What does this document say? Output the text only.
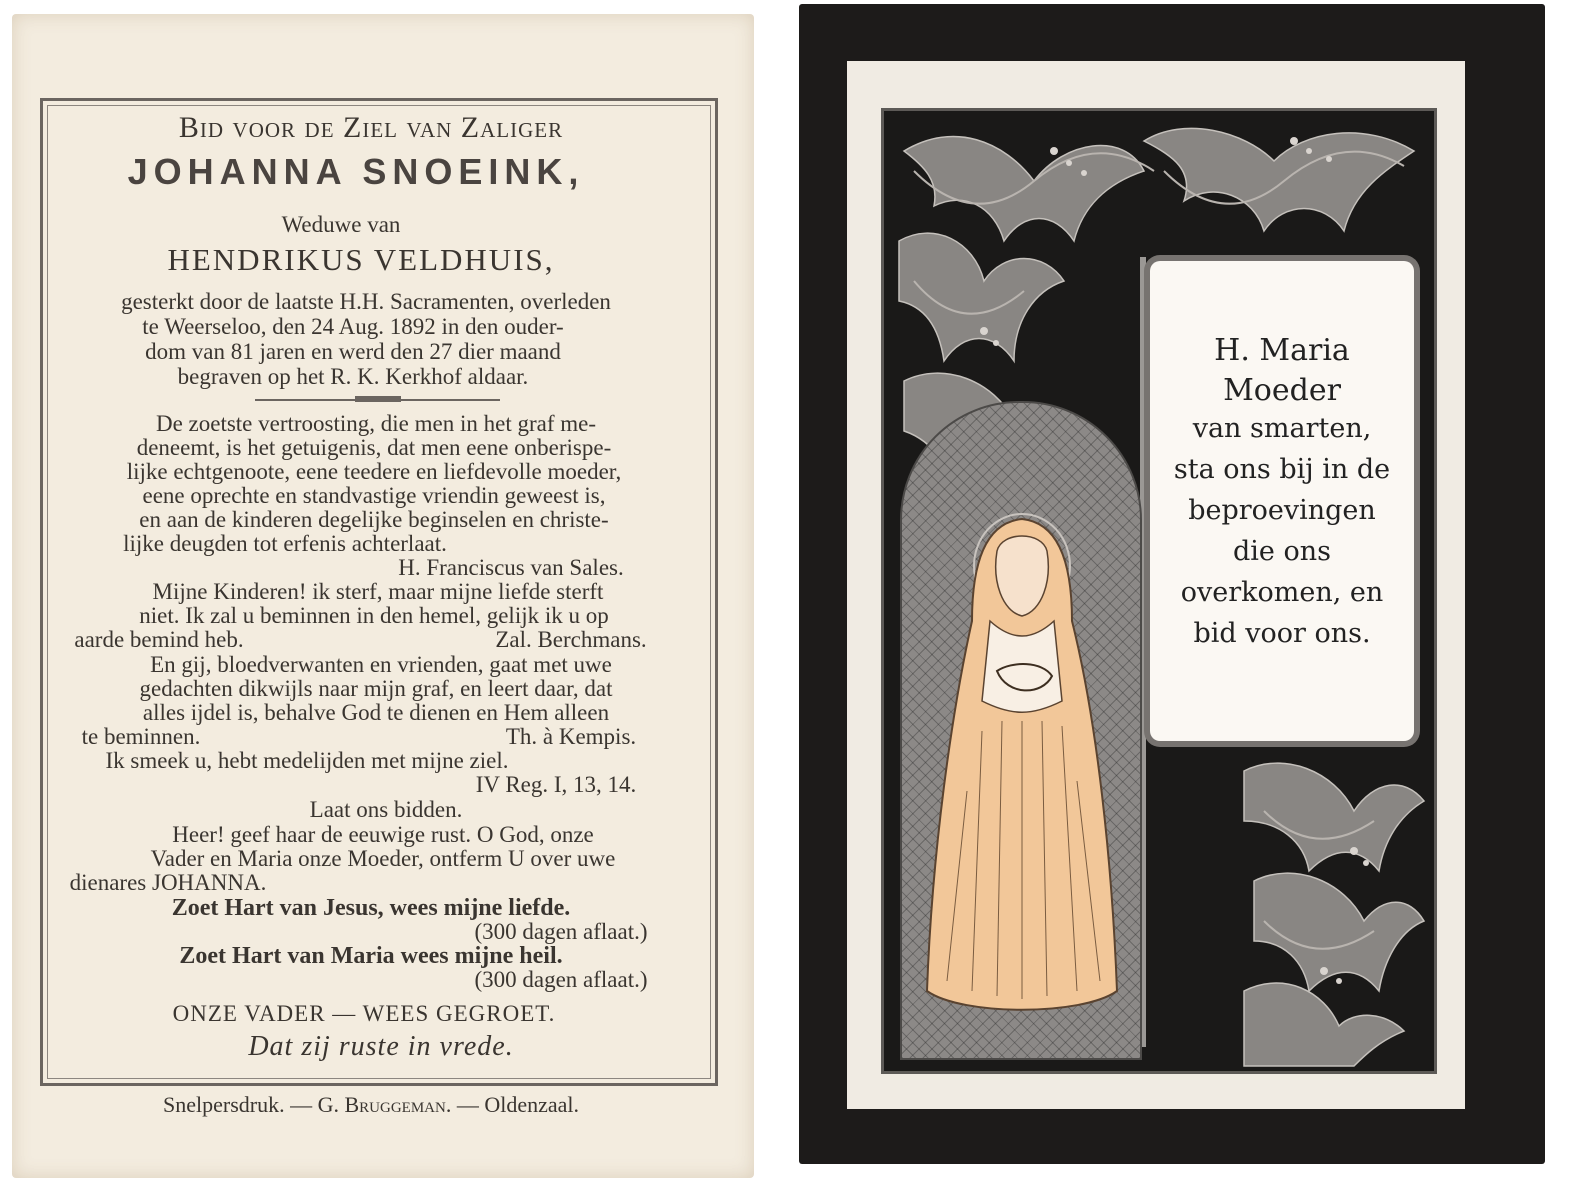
Bid voor de Ziel van Zaliger
JOHANNA SNOEINK,
Weduwe van
HENDRIKUS VELDHUIS,
gesterkt door de laatste H.H. Sacramenten, overleden
te Weerseloo, den 24 Aug. 1892 in den ouder-
dom van 81 jaren en werd den 27 dier maand
begraven op het R. K. Kerkhof aldaar.
De zoetste vertroosting, die men in het graf me-
deneemt, is het getuigenis, dat men eene onberispe-
lijke echtgenoote, eene teedere en liefdevolle moeder,
eene oprechte en standvastige vriendin geweest is,
en aan de kinderen degelijke beginselen en christe-
lijke deugden tot erfenis achterlaat.
H. Franciscus van Sales.
Mijne Kinderen! ik sterf, maar mijne liefde sterft
niet. Ik zal u beminnen in den hemel, gelijk ik u op
aarde bemind heb.	Zal. Berchmans.
En gij, bloedverwanten en vrienden, gaat met uwe
gedachten dikwijls naar mijn graf, en leert daar, dat
alles ijdel is, behalve God te dienen en Hem alleen
te beminnen.	Th. à Kempis.
Ik smeek u, hebt medelijden met mijne ziel.
IV Reg. I, 13, 14.
Laat ons bidden.
Heer! geef haar de eeuwige rust. O God, onze
Vader en Maria onze Moeder, ontferm U over uwe
dienares JOHANNA.
Zoet Hart van Jesus, wees mijne liefde.
(300 dagen aflaat.)
Zoet Hart van Maria wees mijne heil.
(300 dagen aflaat.)
ONZE VADER — WEES GEGROET.
Dat zij ruste in vrede.
Snelpersdruk. — G. Bruggeman. — Oldenzaal.
H. Maria
Moeder
van smarten,
sta ons bij in de
beproevingen
die ons
overkomen, en
bid voor ons.
